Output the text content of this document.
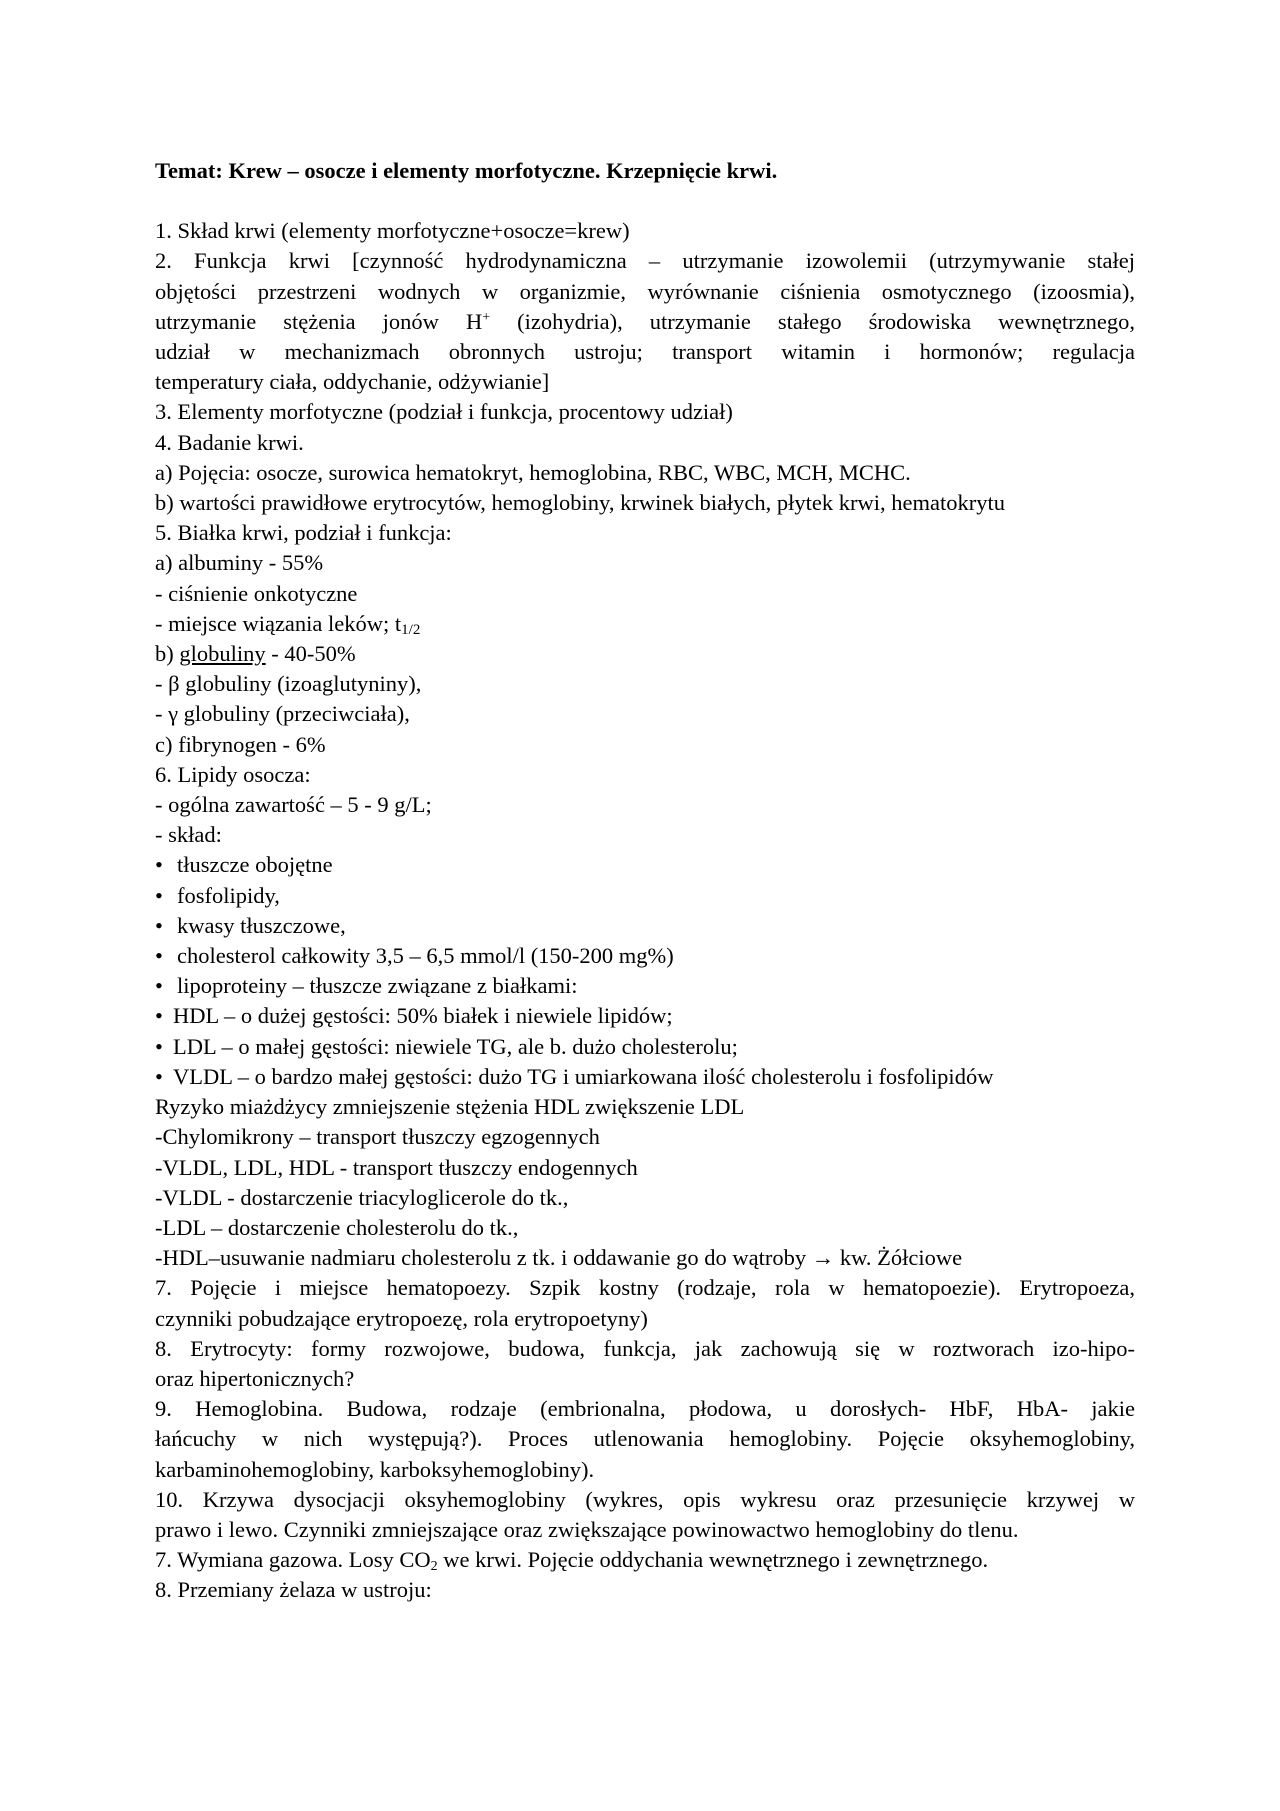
Temat: Krew – osocze i elementy morfotyczne. Krzepnięcie krwi.
1. Skład krwi (elementy morfotyczne+osocze=krew)
2. Funkcja krwi [czynność hydrodynamiczna – utrzymanie izowolemii (utrzymywanie stałej
objętości przestrzeni wodnych w organizmie, wyrównanie ciśnienia osmotycznego (izoosmia),
utrzymanie stężenia jonów H+ (izohydria), utrzymanie stałego środowiska wewnętrznego,
udział w mechanizmach obronnych ustroju; transport witamin i hormonów; regulacja
temperatury ciała, oddychanie, odżywianie]
3. Elementy morfotyczne (podział i funkcja, procentowy udział)
4. Badanie krwi.
a) Pojęcia: osocze, surowica hematokryt, hemoglobina, RBC, WBC, MCH, MCHC.
b) wartości prawidłowe erytrocytów, hemoglobiny, krwinek białych, płytek krwi, hematokrytu
5. Białka krwi, podział i funkcja:
a) albuminy - 55%
- ciśnienie onkotyczne
- miejsce wiązania leków; $t_{1/2}$
b) globuliny - 40-50%
- β globuliny (izoaglutyniny),
- γ globuliny (przeciwciała),
c) fibrynogen - 6%
6. Lipidy osocza:
- ogólna zawartość – 5 - 9 g/L;
- skład:
• tłuszcze obojętne
• fosfolipidy,
• kwasy tłuszczowe,
• cholesterol całkowity 3,5 – 6,5 mmol/l (150-200 mg%)
• lipoproteiny – tłuszcze związane z białkami:
• HDL – o dużej gęstości: 50% białek i niewiele lipidów;
• LDL – o małej gęstości: niewiele TG, ale b. dużo cholesterolu;
• VLDL – o bardzo małej gęstości: dużo TG i umiarkowana ilość cholesterolu i fosfolipidów
Ryzyko miażdżycy zmniejszenie stężenia HDL zwiększenie LDL
-Chylomikrony – transport tłuszczy egzogennych
-VLDL, LDL, HDL - transport tłuszczy endogennych
-VLDL - dostarczenie triacyloglicerole do tk.,
-LDL – dostarczenie cholesterolu do tk.,
-HDL–usuwanie nadmiaru cholesterolu z tk. i oddawanie go do wątroby → kw. Żółciowe
7. Pojęcie i miejsce hematopoezy. Szpik kostny (rodzaje, rola w hematopoezie). Erytropoeza,
czynniki pobudzające erytropoezę, rola erytropoetyny)
8. Erytrocyty: formy rozwojowe, budowa, funkcja, jak zachowują się w roztworach izo-hipo-
oraz hipertonicznych?
9. Hemoglobina. Budowa, rodzaje (embrionalna, płodowa, u dorosłych- HbF, HbA- jakie
łańcuchy w nich występują?). Proces utlenowania hemoglobiny. Pojęcie oksyhemoglobiny,
karbaminohemoglobiny, karboksyhemoglobiny).
10. Krzywa dysocjacji oksyhemoglobiny (wykres, opis wykresu oraz przesunięcie krzywej w
prawo i lewo. Czynniki zmniejszające oraz zwiększające powinowactwo hemoglobiny do tlenu.
7. Wymiana gazowa. Losy $CO_2$ we krwi. Pojęcie oddychania wewnętrznego i zewnętrznego.
8. Przemiany żelaza w ustroju:
